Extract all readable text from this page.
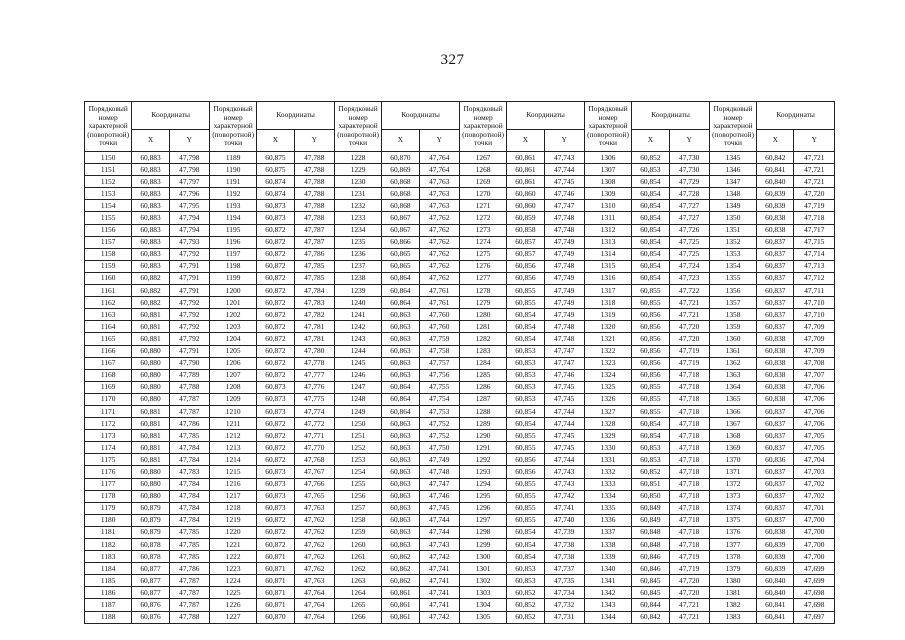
327
Порядковый номер характерной (поворотной) точки	Координаты		Порядковый номер характерной (поворотной) точки	Координаты		Порядковый номер характерной (поворотной) точки	Координаты		Порядковый номер характерной (поворотной) точки	Координаты		Порядковый номер характерной (поворотной) точки	Координаты		Порядковый номер характерной (поворотной) точки	Координаты	
	X	Y		X	Y		X	Y		X	Y		X	Y		X	Y
1150	60,883	47,798	1189	60,875	47,788	1228	60,870	47,764	1267	60,861	47,743	1306	60,852	47,730	1345	60,842	47,721
1151	60,883	47,798	1190	60,875	47,788	1229	60,869	47,764	1268	60,861	47,744	1307	60,853	47,730	1346	60,841	47,721
1152	60,883	47,797	1191	60,874	47,788	1230	60,868	47,763	1269	60,861	47,745	1308	60,854	47,729	1347	60,840	47,721
1153	60,883	47,796	1192	60,874	47,788	1231	60,868	47,763	1270	60,860	47,746	1309	60,854	47,728	1348	60,839	47,720
1154	60,883	47,795	1193	60,873	47,788	1232	60,868	47,763	1271	60,860	47,747	1310	60,854	47,727	1349	60,839	47,719
1155	60,883	47,794	1194	60,873	47,788	1233	60,867	47,762	1272	60,859	47,748	1311	60,854	47,727	1350	60,838	47,718
1156	60,883	47,794	1195	60,872	47,787	1234	60,867	47,762	1273	60,858	47,748	1312	60,854	47,726	1351	60,838	47,717
1157	60,883	47,793	1196	60,872	47,787	1235	60,866	47,762	1274	60,857	47,749	1313	60,854	47,725	1352	60,837	47,715
1158	60,883	47,792	1197	60,872	47,786	1236	60,865	47,762	1275	60,857	47,749	1314	60,854	47,725	1353	60,837	47,714
1159	60,883	47,791	1198	60,872	47,785	1237	60,865	47,762	1276	60,856	47,748	1315	60,854	47,724	1354	60,837	47,713
1160	60,882	47,791	1199	60,872	47,785	1238	60,864	47,762	1277	60,856	47,749	1316	60,854	47,723	1355	60,837	47,712
1161	60,882	47,791	1200	60,872	47,784	1239	60,864	47,761	1278	60,855	47,749	1317	60,855	47,722	1356	60,837	47,711
1162	60,882	47,792	1201	60,872	47,783	1240	60,864	47,761	1279	60,855	47,749	1318	60,855	47,721	1357	60,837	47,710
1163	60,881	47,792	1202	60,872	47,782	1241	60,863	47,760	1280	60,854	47,749	1319	60,856	47,721	1358	60,837	47,710
1164	60,881	47,792	1203	60,872	47,781	1242	60,863	47,760	1281	60,854	47,748	1320	60,856	47,720	1359	60,837	47,709
1165	60,881	47,792	1204	60,872	47,781	1243	60,863	47,759	1282	60,854	47,748	1321	60,856	47,720	1360	60,838	47,709
1166	60,880	47,791	1205	60,872	47,780	1244	60,863	47,758	1283	60,853	47,747	1322	60,856	47,719	1361	60,838	47,709
1167	60,880	47,790	1206	60,872	47,778	1245	60,863	47,757	1284	60,853	47,747	1323	60,856	47,719	1362	60,838	47,708
1168	60,880	47,789	1207	60,872	47,777	1246	60,863	47,756	1285	60,853	47,746	1324	60,856	47,718	1363	60,838	47,707
1169	60,880	47,788	1208	60,873	47,776	1247	60,864	47,755	1286	60,853	47,745	1325	60,855	47,718	1364	60,838	47,706
1170	60,880	47,787	1209	60,873	47,775	1248	60,864	47,754	1287	60,853	47,745	1326	60,855	47,718	1365	60,838	47,706
1171	60,881	47,787	1210	60,873	47,774	1249	60,864	47,753	1288	60,854	47,744	1327	60,855	47,718	1366	60,837	47,706
1172	60,881	47,786	1211	60,872	47,772	1250	60,863	47,752	1289	60,854	47,744	1328	60,854	47,718	1367	60,837	47,706
1173	60,881	47,785	1212	60,872	47,771	1251	60,863	47,752	1290	60,855	47,745	1329	60,854	47,718	1368	60,837	47,705
1174	60,881	47,784	1213	60,872	47,770	1252	60,863	47,750	1291	60,855	47,745	1330	60,853	47,718	1369	60,837	47,705
1175	60,881	47,784	1214	60,872	47,768	1253	60,863	47,749	1292	60,856	47,744	1331	60,853	47,718	1370	60,836	47,704
1176	60,880	47,783	1215	60,873	47,767	1254	60,863	47,748	1293	60,856	47,743	1332	60,852	47,718	1371	60,837	47,703
1177	60,880	47,784	1216	60,873	47,766	1255	60,863	47,747	1294	60,855	47,743	1333	60,851	47,718	1372	60,837	47,702
1178	60,880	47,784	1217	60,873	47,765	1256	60,863	47,746	1295	60,855	47,742	1334	60,850	47,718	1373	60,837	47,702
1179	60,879	47,784	1218	60,873	47,763	1257	60,863	47,745	1296	60,855	47,741	1335	60,849	47,718	1374	60,837	47,701
1180	60,879	47,784	1219	60,872	47,762	1258	60,863	47,744	1297	60,855	47,740	1336	60,849	47,718	1375	60,837	47,700
1181	60,879	47,785	1220	60,872	47,762	1259	60,863	47,744	1298	60,854	47,739	1337	60,848	47,718	1376	60,838	47,700
1182	60,878	47,785	1221	60,872	47,762	1260	60,863	47,743	1299	60,854	47,738	1338	60,848	47,718	1377	60,839	47,700
1183	60,878	47,785	1222	60,871	47,762	1261	60,862	47,742	1300	60,854	47,738	1339	60,846	47,719	1378	60,839	47,700
1184	60,877	47,786	1223	60,871	47,762	1262	60,862	47,741	1301	60,853	47,737	1340	60,846	47,719	1379	60,839	47,699
1185	60,877	47,787	1224	60,871	47,763	1263	60,862	47,741	1302	60,853	47,735	1341	60,845	47,720	1380	60,840	47,699
1186	60,877	47,787	1225	60,871	47,764	1264	60,861	47,741	1303	60,852	47,734	1342	60,845	47,720	1381	60,840	47,698
1187	60,876	47,787	1226	60,871	47,764	1265	60,861	47,741	1304	60,852	47,732	1343	60,844	47,721	1382	60,841	47,698
1188	60,876	47,788	1227	60,870	47,764	1266	60,861	47,742	1305	60,852	47,731	1344	60,842	47,721	1383	60,841	47,697
